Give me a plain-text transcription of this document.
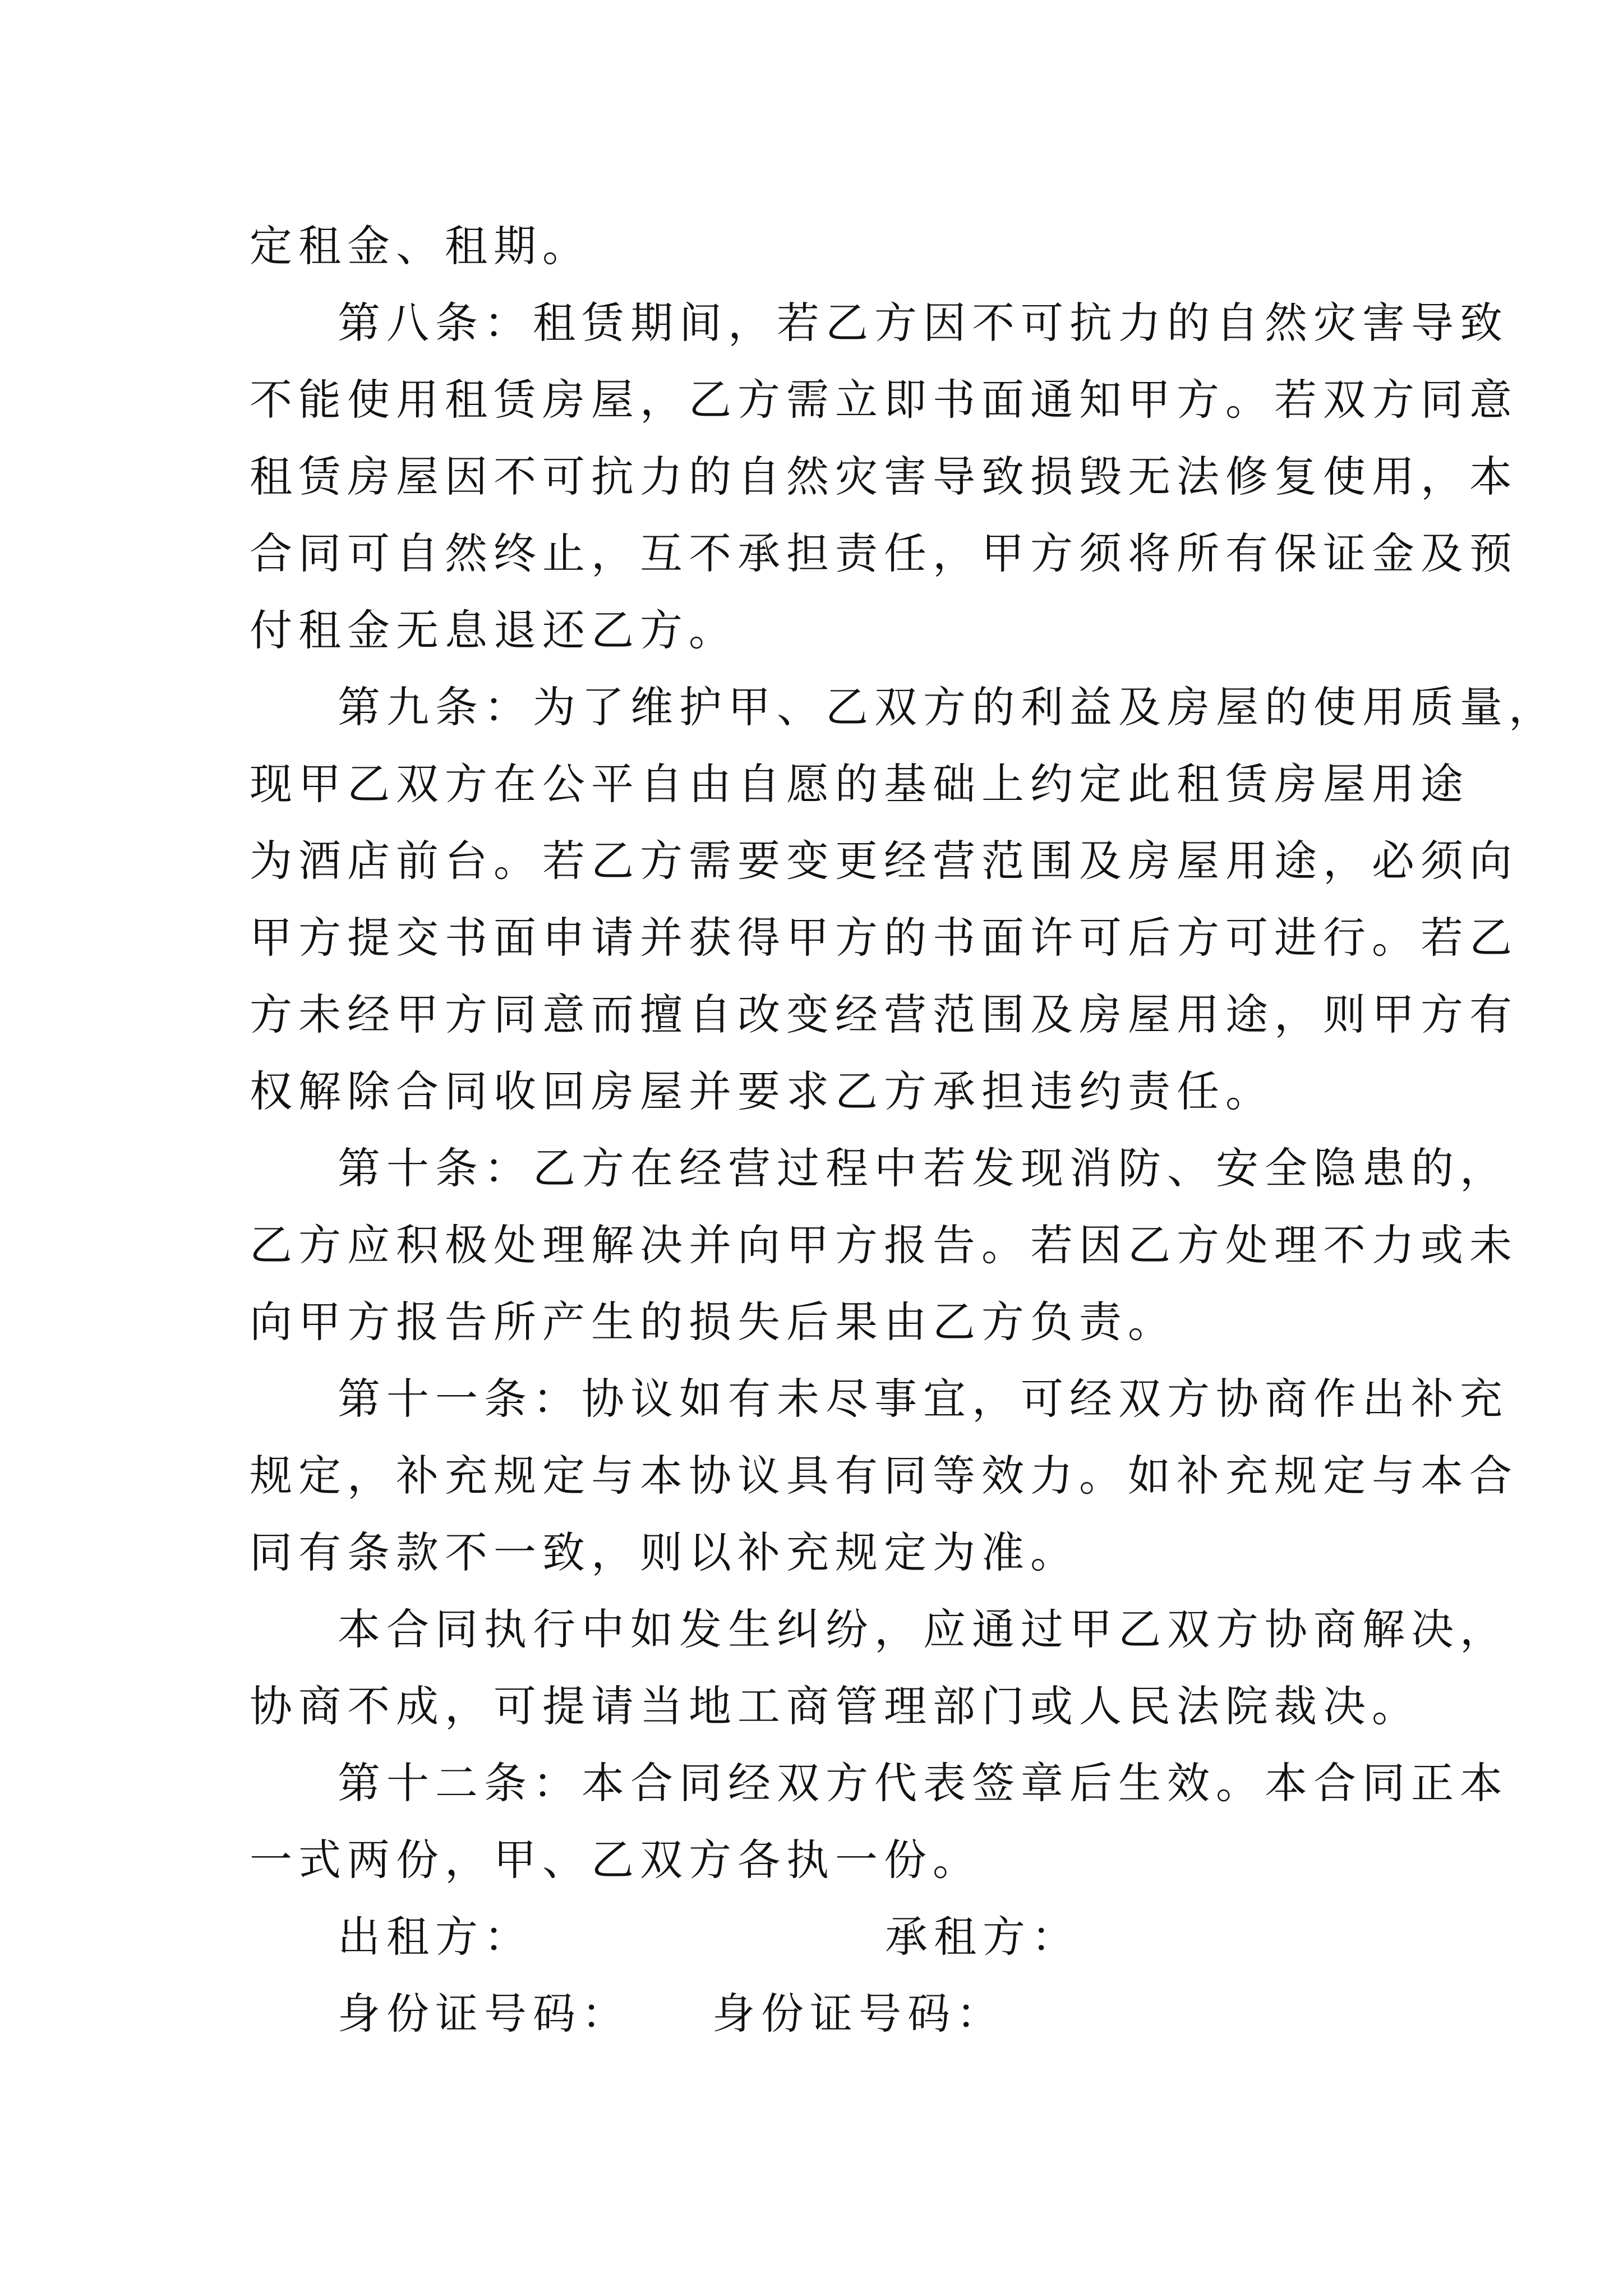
定租金、租期。
第八条：租赁期间，若乙方因不可抗力的自然灾害导致
不能使用租赁房屋，乙方需立即书面通知甲方。若双方同意
租赁房屋因不可抗力的自然灾害导致损毁无法修复使用，本
合同可自然终止，互不承担责任，甲方须将所有保证金及预
付租金无息退还乙方。
第九条：为了维护甲、乙双方的利益及房屋的使用质量，
现甲乙双方在公平自由自愿的基础上约定此租赁房屋用途
为酒店前台。若乙方需要变更经营范围及房屋用途，必须向
甲方提交书面申请并获得甲方的书面许可后方可进行。若乙
方未经甲方同意而擅自改变经营范围及房屋用途，则甲方有
权解除合同收回房屋并要求乙方承担违约责任。
第十条：乙方在经营过程中若发现消防、安全隐患的，
乙方应积极处理解决并向甲方报告。若因乙方处理不力或未
向甲方报告所产生的损失后果由乙方负责。
第十一条：协议如有未尽事宜，可经双方协商作出补充
规定，补充规定与本协议具有同等效力。如补充规定与本合
同有条款不一致，则以补充规定为准。
本合同执行中如发生纠纷，应通过甲乙双方协商解决，
协商不成，可提请当地工商管理部门或人民法院裁决。
第十二条：本合同经双方代表签章后生效。本合同正本
一式两份，甲、乙双方各执一份。
出租方：	承租方：
身份证号码： 身份证号码：
